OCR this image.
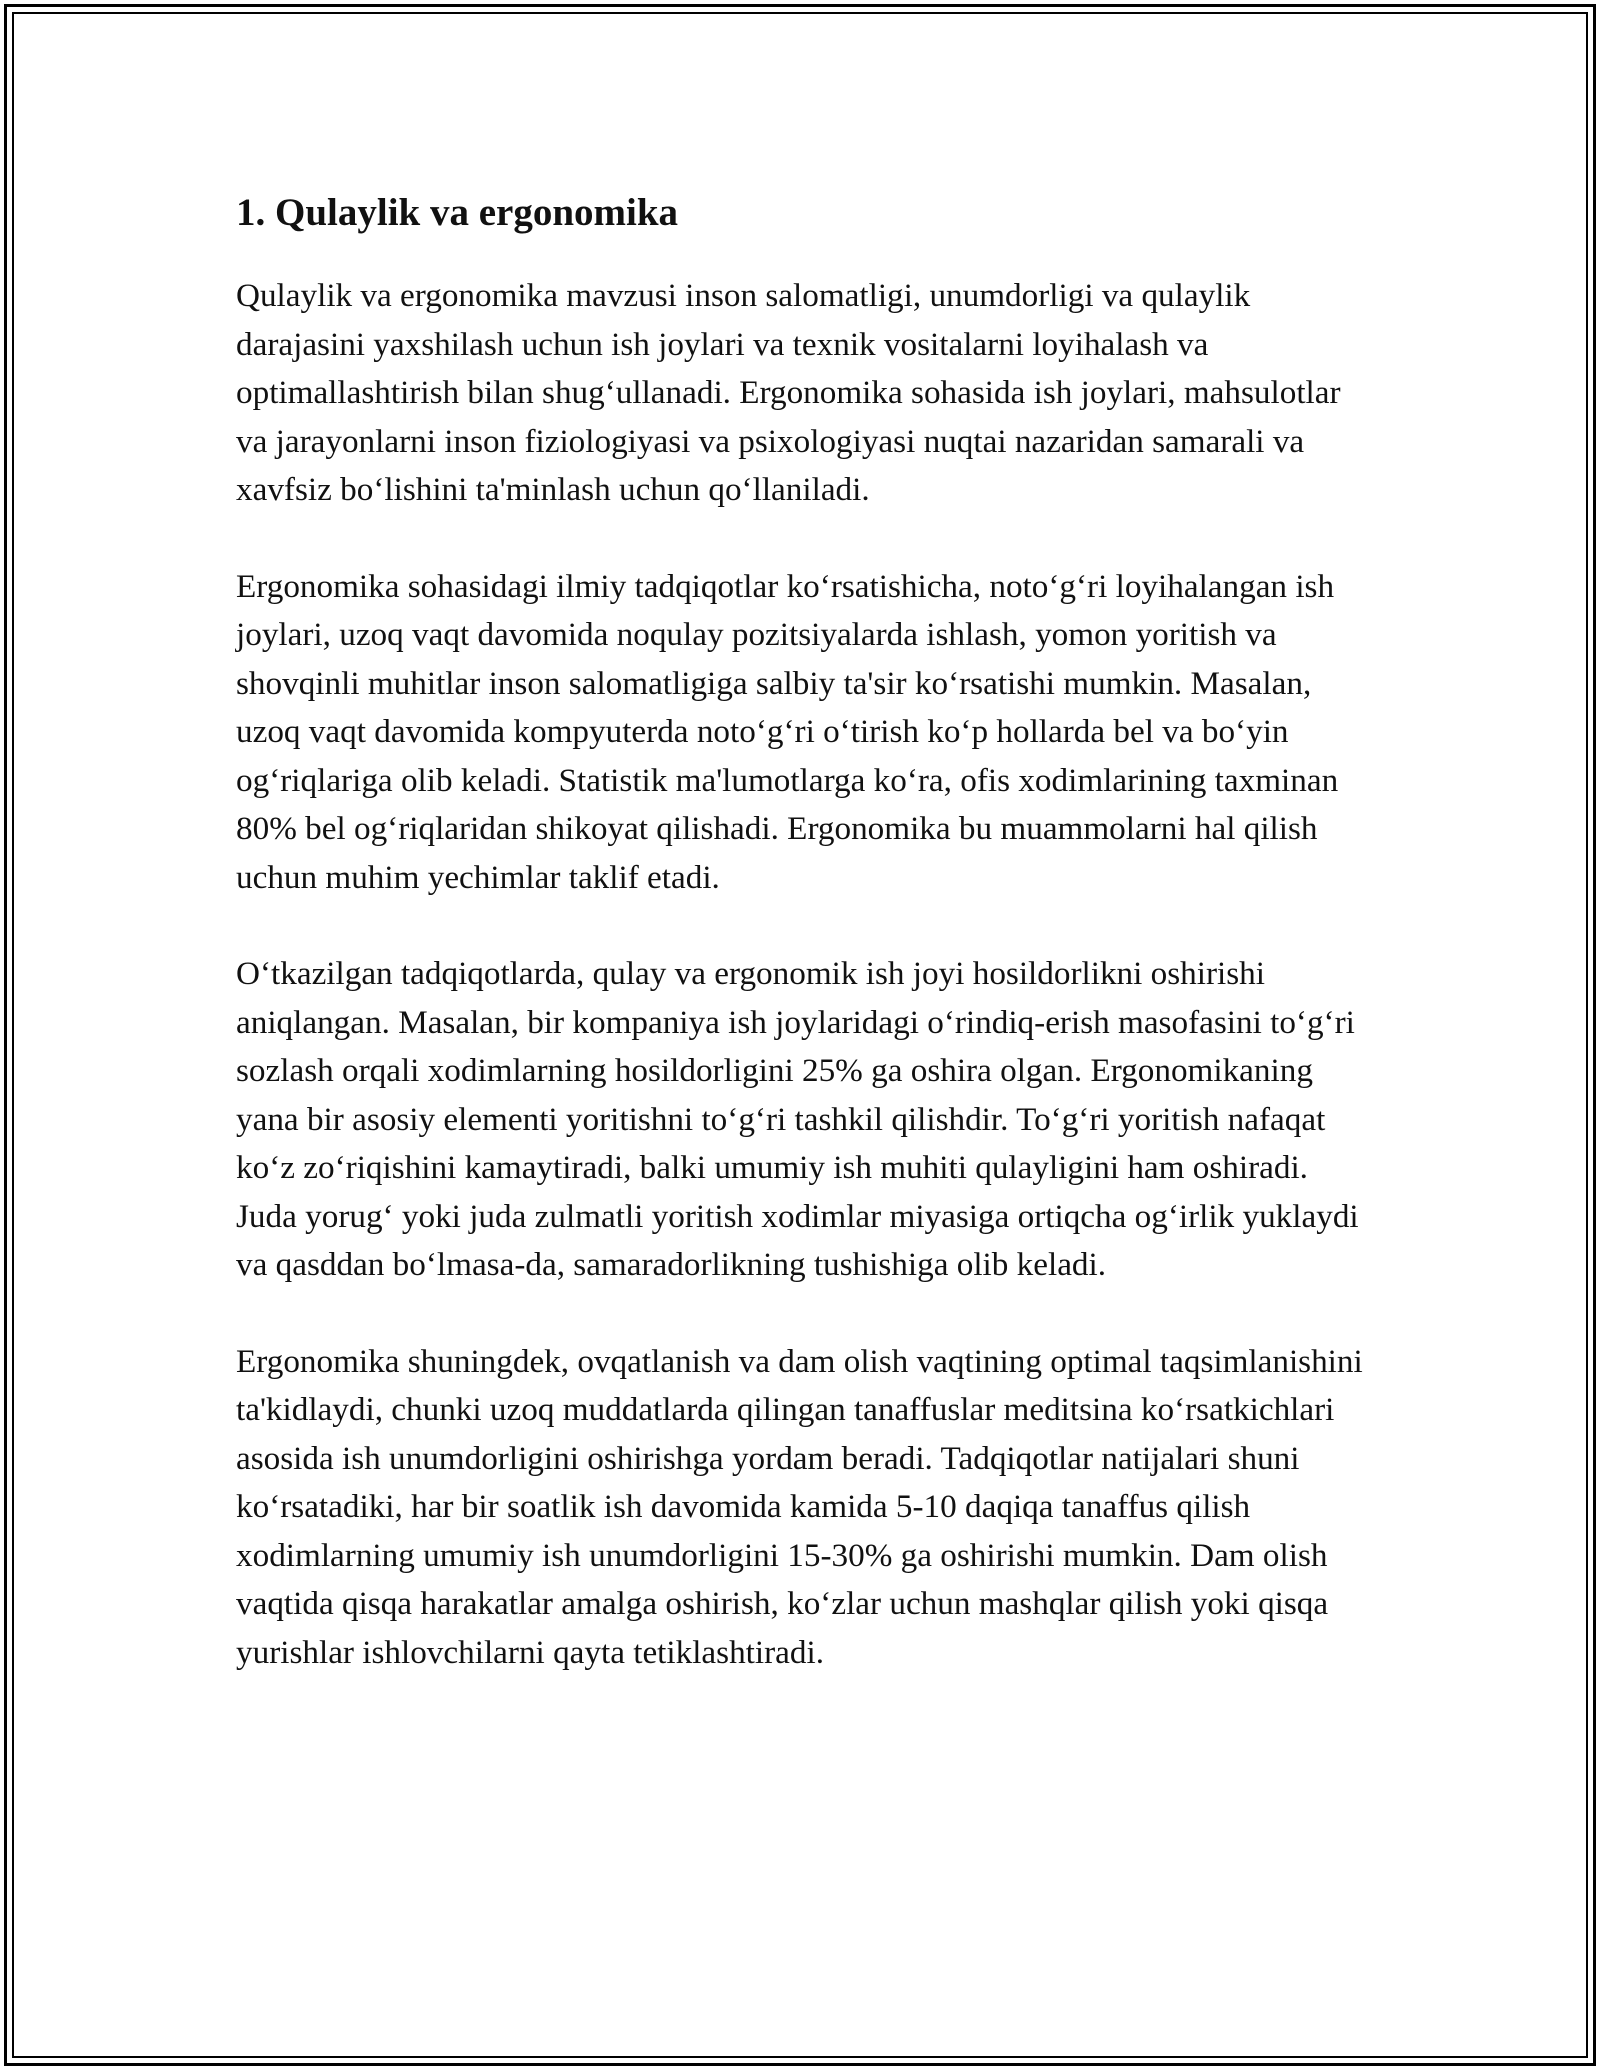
1. Qulaylik va ergonomika

Qulaylik va ergonomika mavzusi inson salomatligi, unumdorligi va qulaylik darajasini yaxshilash uchun ish joylari va texnik vositalarni loyihalash va optimallashtirish bilan shug‘ullanadi. Ergonomika sohasida ish joylari, mahsulotlar va jarayonlarni inson fiziologiyasi va psixologiyasi nuqtai nazaridan samarali va xavfsiz bo‘lishini ta'minlash uchun qo‘llaniladi.

Ergonomika sohasidagi ilmiy tadqiqotlar ko‘rsatishicha, noto‘g‘ri loyihalangan ish joylari, uzoq vaqt davomida noqulay pozitsiyalarda ishlash, yomon yoritish va shovqinli muhitlar inson salomatligiga salbiy ta'sir ko‘rsatishi mumkin. Masalan, uzoq vaqt davomida kompyuterda noto‘g‘ri o‘tirish ko‘p hollarda bel va bo‘yin og‘riqlariga olib keladi. Statistik ma'lumotlarga ko‘ra, ofis xodimlarining taxminan 80% bel og‘riqlaridan shikoyat qilishadi. Ergonomika bu muammolarni hal qilish uchun muhim yechimlar taklif etadi.

O‘tkazilgan tadqiqotlarda, qulay va ergonomik ish joyi hosildorlikni oshirishi aniqlangan. Masalan, bir kompaniya ish joylaridagi o‘rindiq-erish masofasini to‘g‘ri sozlash orqali xodimlarning hosildorligini 25% ga oshira olgan. Ergonomikaning yana bir asosiy elementi yoritishni to‘g‘ri tashkil qilishdir. To‘g‘ri yoritish nafaqat ko‘z zo‘riqishini kamaytiradi, balki umumiy ish muhiti qulayligini ham oshiradi. Juda yorug‘ yoki juda zulmatli yoritish xodimlar miyasiga ortiqcha og‘irlik yuklaydi va qasddan bo‘lmasa-da, samaradorlikning tushishiga olib keladi.

Ergonomika shuningdek, ovqatlanish va dam olish vaqtining optimal taqsimlanishini ta'kidlaydi, chunki uzoq muddatlarda qilingan tanaffuslar meditsina ko‘rsatkichlari asosida ish unumdorligini oshirishga yordam beradi. Tadqiqotlar natijalari shuni ko‘rsatadiki, har bir soatlik ish davomida kamida 5-10 daqiqa tanaffus qilish xodimlarning umumiy ish unumdorligini 15-30% ga oshirishi mumkin. Dam olish vaqtida qisqa harakatlar amalga oshirish, ko‘zlar uchun mashqlar qilish yoki qisqa yurishlar ishlovchilarni qayta tetiklashtiradi.
